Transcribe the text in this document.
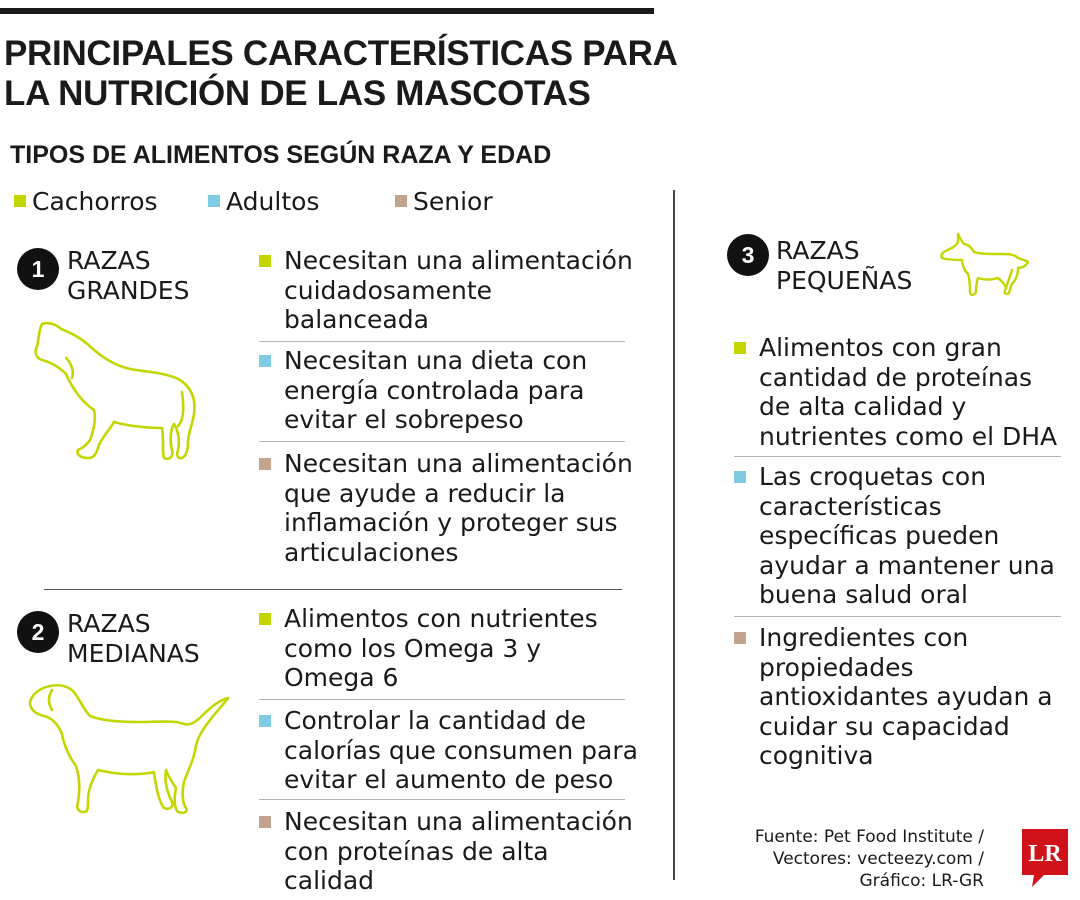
PRINCIPALES CARACTERÍSTICAS PARA
LA NUTRICIÓN DE LAS MASCOTAS
TIPOS DE ALIMENTOS SEGÚN RAZA Y EDAD
Cachorros	Adultos	Senior
1 RAZAS
GRANDES
Necesitan una alimentación
cuidadosamente
balanceada
Necesitan una dieta con
energía controlada para
evitar el sobrepeso
Necesitan una alimentación
que ayude a reducir la
inflamación y proteger sus
articulaciones
2 RAZAS
MEDIANAS
Alimentos con nutrientes
como los Omega 3 y
Omega 6
Controlar la cantidad de
calorías que consumen para
evitar el aumento de peso
Necesitan una alimentación
con proteínas de alta
calidad
3 RAZAS
PEQUEÑAS
Alimentos con gran
cantidad de proteínas
de alta calidad y
nutrientes como el DHA
Las croquetas con
características
específicas pueden
ayudar a mantener una
buena salud oral
Ingredientes con
propiedades
antioxidantes ayudan a
cuidar su capacidad
cognitiva
Fuente: Pet Food Institute /
Vectores: vecteezy.com /
Gráfico: LR-GR
LR
